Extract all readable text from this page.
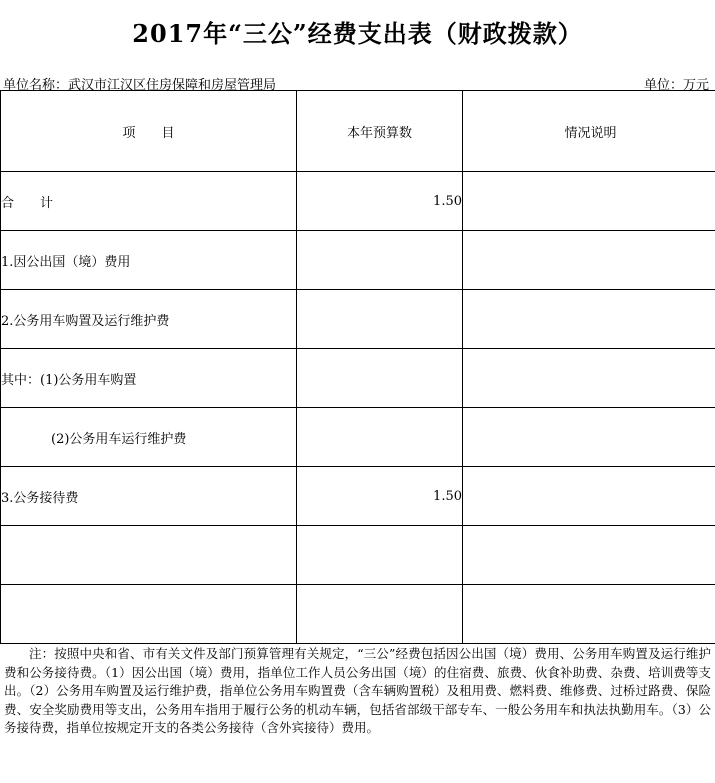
2017年“三公”经费支出表（财政拨款）
单位名称：武汉市江汉区住房保障和房屋管理局	单位：万元
项　　目	本年预算数	情况说明
合　　计	1.50	
1.因公出国（境）费用		
2.公务用车购置及运行维护费		
其中：(1)公务用车购置		
(2)公务用车运行维护费		
3.公务接待费	1.50	

注：按照中央和省、市有关文件及部门预算管理有关规定，“三公”经费包括因公出国（境）费用、公务用车购置及运行维护费和公务接待费。（1）因公出国（境）费用，指单位工作人员公务出国（境）的住宿费、旅费、伙食补助费、杂费、培训费等支出。（2）公务用车购置及运行维护费，指单位公务用车购置费（含车辆购置税）及租用费、燃料费、维修费、过桥过路费、保险费、安全奖励费用等支出，公务用车指用于履行公务的机动车辆，包括省部级干部专车、一般公务用车和执法执勤用车。（3）公务接待费，指单位按规定开支的各类公务接待（含外宾接待）费用。
